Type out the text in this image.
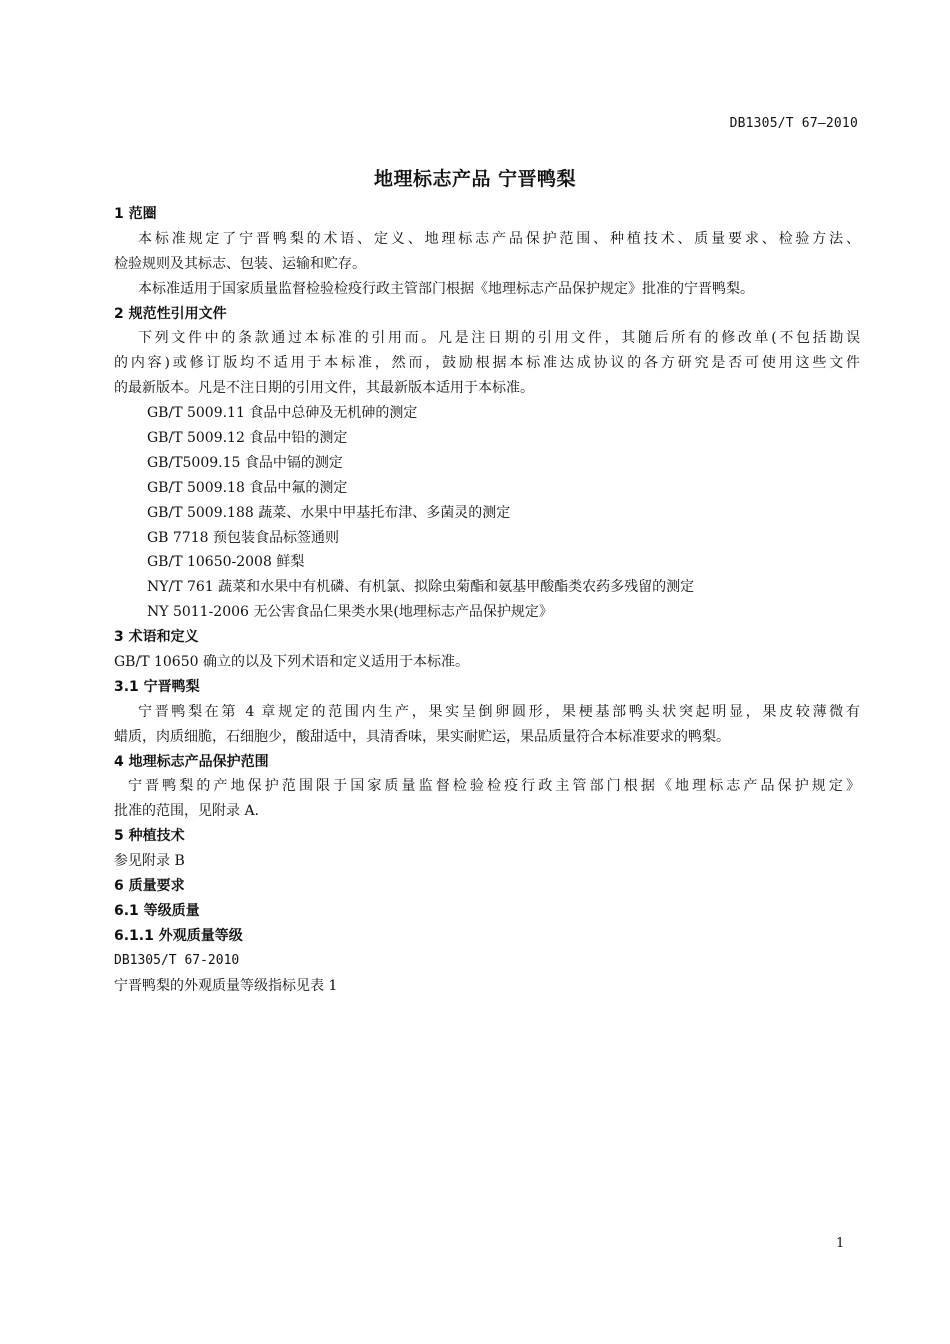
DB1305/T 67—2010
地理标志产品 宁晋鸭梨
1 范圈
本标准规定了宁晋鸭梨的术语、定义、地理标志产品保护范围、种植技术、质量要求、检验方法、
检验规则及其标志、包装、运输和贮存。
本标准适用于国家质量监督检验检疫行政主管部门根据《地理标志产品保护规定》批准的宁晋鸭梨。
2 规范性引用文件
下列文件中的条款通过本标准的引用而。凡是注日期的引用文件，其随后所有的修改单(不包括勘误
的内容)或修订版均不适用于本标准，然而，鼓励根据本标准达成协议的各方研究是否可使用这些文件
的最新版本。凡是不注日期的引用文件，其最新版本适用于本标准。
GB/T 5009.11 食品中总砷及无机砷的测定
GB/T 5009.12 食品中铅的测定
GB/T5009.15 食品中镉的测定
GB/T 5009.18 食品中氟的测定
GB/T 5009.188 蔬菜、水果中甲基托布津、多菌灵的测定
GB 7718 预包装食品标签通则
GB/T 10650-2008 鲜梨
NY/T 761 蔬菜和水果中有机磷、有机氯、拟除虫菊酯和氨基甲酸酯类农药多残留的测定
NY 5011-2006 无公害食品仁果类水果(地理标志产品保护规定》
3 术语和定义
GB/T 10650 确立的以及下列术语和定义适用于本标准。
3.1 宁晋鸭梨
宁晋鸭梨在第 4 章规定的范围内生产，果实呈倒卵圆形，果梗基部鸭头状突起明显，果皮较薄微有
蜡质，肉质细脆，石细胞少，酸甜适中，具清香味，果实耐贮运，果品质量符合本标准要求的鸭梨。
4 地理标志产品保护范围
宁晋鸭梨的产地保护范围限于国家质量监督检验检疫行政主管部门根据《地理标志产品保护规定》
批准的范围，见附录 A.
5 种植技术
参见附录 B
6 质量要求
6.1 等级质量
6.1.1 外观质量等级
DB1305/T 67-2010
宁晋鸭梨的外观质量等级指标见表 1
1
